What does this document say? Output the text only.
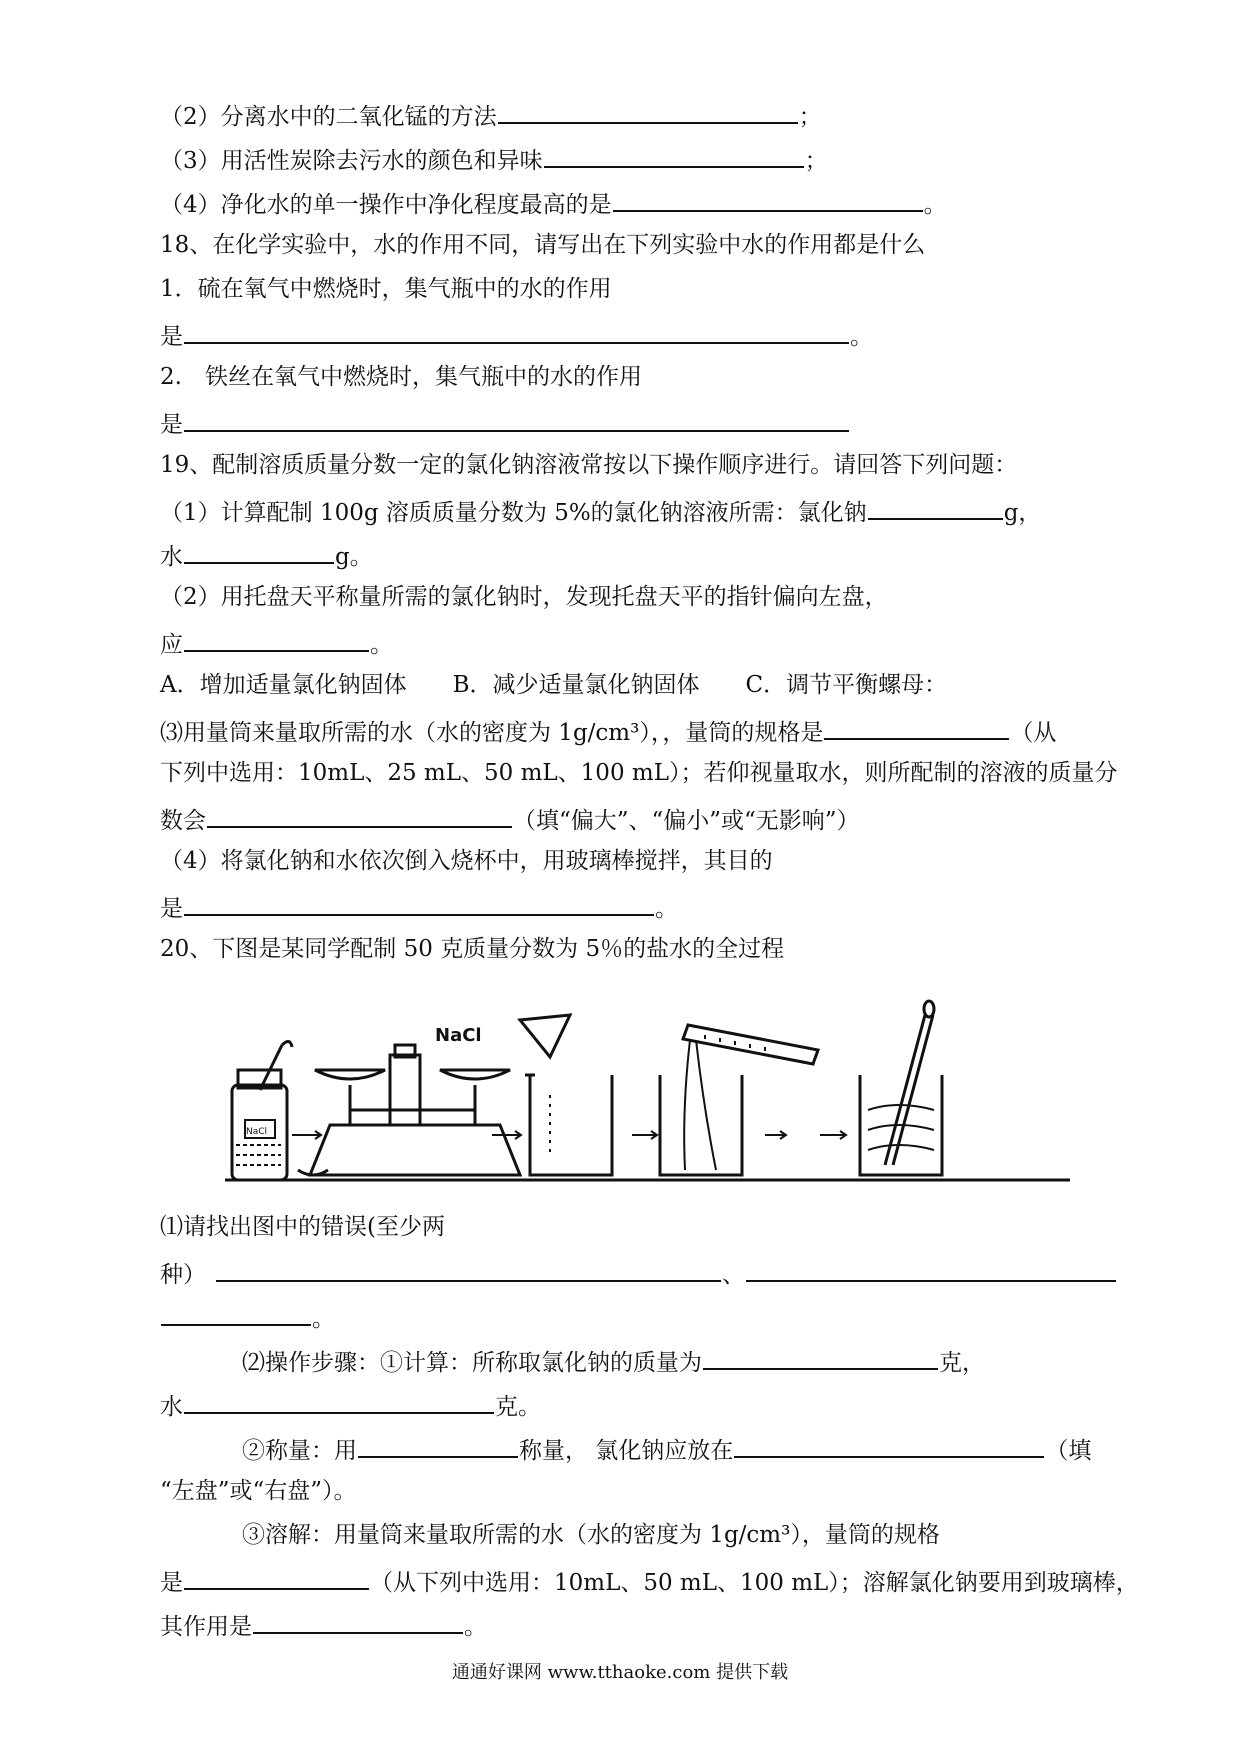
（2）分离水中的二氧化锰的方法	；
（3）用活性炭除去污水的颜色和异味	；
（4）净化水的单一操作中净化程度最高的是	。
18、在化学实验中，水的作用不同，请写出在下列实验中水的作用都是什么
1．硫在氧气中燃烧时，集气瓶中的水的作用
是	。
2.　铁丝在氧气中燃烧时，集气瓶中的水的作用
是
19、配制溶质质量分数一定的氯化钠溶液常按以下操作顺序进行。请回答下列问题：
（1）计算配制 100g 溶质质量分数为 5%的氯化钠溶液所需：氯化钠	g，
水	g。
（2）用托盘天平称量所需的氯化钠时，发现托盘天平的指针偏向左盘，
应	。
A．增加适量氯化钠固体　　B．减少适量氯化钠固体　　C．调节平衡螺母：
⑶用量筒来量取所需的水（水的密度为 1g/cm³），，量筒的规格是	（从
下列中选用：10mL、25 mL、50 mL、100 mL）；若仰视量取水，则所配制的溶液的质量分
数会	（填“偏大”、“偏小”或“无影响”）
（4）将氯化钠和水依次倒入烧杯中，用玻璃棒搅拌，其目的
是	。
20、下图是某同学配制 50 克质量分数为 5％的盐水的全过程
NaCl
NaCl
⑴请找出图中的错误(至少两
种）	、
。
⑵操作步骤：①计算：所称取氯化钠的质量为	克，
水	克。
②称量：用	称量， 氯化钠应放在	（填
“左盘”或“右盘”）。
③溶解：用量筒来量取所需的水（水的密度为 1g/cm³），量筒的规格
是	（从下列中选用：10mL、50 mL、100 mL）；溶解氯化钠要用到玻璃棒，
其作用是	。
通通好课网 www.tthaoke.com 提供下载
